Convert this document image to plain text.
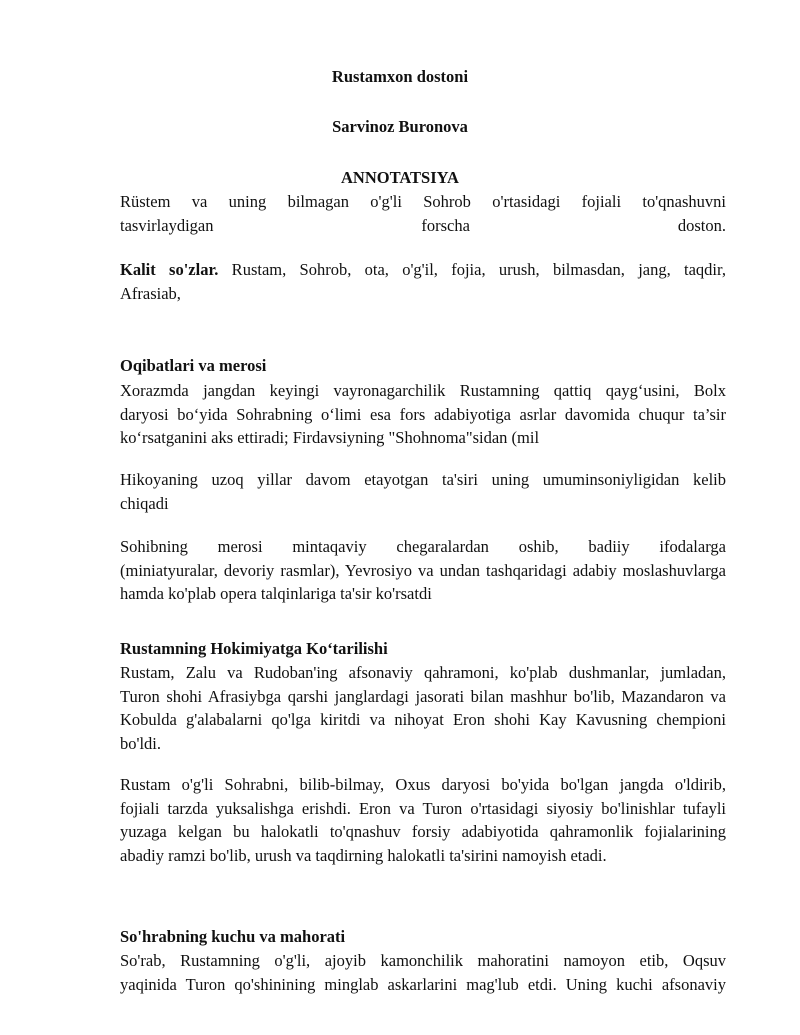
Rustamxon dostoni
Sarvinoz Buronova
ANNOTATSIYA
Rüstem va uning bilmagan o'g'li Sohrob o'rtasidagi fojiali to'qnashuvni
tasvirlaydigan forscha doston.
Kalit so'zlar. Rustam, Sohrob, ota, o'g'il, fojia, urush, bilmasdan, jang, taqdir,
Afrasiab,
Oqibatlari va merosi
Xorazmda jangdan keyingi vayronagarchilik Rustamning qattiq qayg‘usini, Bolx
daryosi bo‘yida Sohrabning o‘limi esa fors adabiyotiga asrlar davomida chuqur ta’sir
ko‘rsatganini aks ettiradi; Firdavsiyning "Shohnoma"sidan (mil
Hikoyaning uzoq yillar davom etayotgan ta'siri uning umuminsoniyligidan kelib
chiqadi
Sohibning merosi mintaqaviy chegaralardan oshib, badiiy ifodalarga
(miniatyuralar, devoriy rasmlar), Yevrosiyo va undan tashqaridagi adabiy moslashuvlarga
hamda ko'plab opera talqinlariga ta'sir ko'rsatdi
Rustamning Hokimiyatga Ko‘tarilishi
Rustam, Zalu va Rudoban'ing afsonaviy qahramoni, ko'plab dushmanlar, jumladan,
Turon shohi Afrasiybga qarshi janglardagi jasorati bilan mashhur bo'lib, Mazandaron va
Kobulda g'alabalarni qo'lga kiritdi va nihoyat Eron shohi Kay Kavusning chempioni
bo'ldi.
Rustam o'g'li Sohrabni, bilib-bilmay, Oxus daryosi bo'yida bo'lgan jangda o'ldirib,
fojiali tarzda yuksalishga erishdi. Eron va Turon o'rtasidagi siyosiy bo'linishlar tufayli
yuzaga kelgan bu halokatli to'qnashuv forsiy adabiyotida qahramonlik fojialarining
abadiy ramzi bo'lib, urush va taqdirning halokatli ta'sirini namoyish etadi.
So'hrabning kuchu va mahorati
So'rab, Rustamning o'g'li, ajoyib kamonchilik mahoratini namoyon etib, Oqsuv
yaqinida Turon qo'shinining minglab askarlarini mag'lub etdi. Uning kuchi afsonaviy
